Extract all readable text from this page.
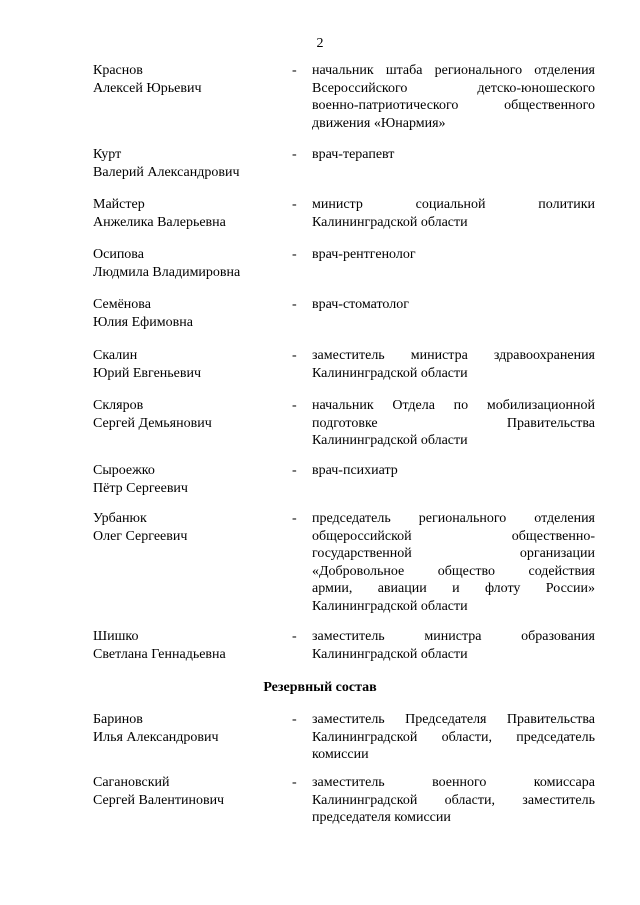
2
Краснов
Алексей Юрьевич
- начальник штаба регионального отделения
Всероссийского детско-юношеского
военно-патриотического общественного
движения «Юнармия»
Курт
Валерий Александрович
- врач-терапевт
Майстер
Анжелика Валерьевна
- министр социальной политики
Калининградской области
Осипова
Людмила Владимировна
- врач-рентгенолог
Семёнова
Юлия Ефимовна
- врач-стоматолог
Скалин
Юрий Евгеньевич
- заместитель министра здравоохранения
Калининградской области
Скляров
Сергей Демьянович
- начальник Отдела по мобилизационной
подготовке Правительства
Калининградской области
Сыроежко
Пётр Сергеевич
- врач-психиатр
Урбанюк
Олег Сергеевич
- председатель регионального отделения
общероссийской общественно-
государственной организации
«Добровольное общество содействия
армии, авиации и флоту России»
Калининградской области
Шишко
Светлана Геннадьевна
- заместитель министра образования
Калининградской области
Резервный состав
Баринов
Илья Александрович
- заместитель Председателя Правительства
Калининградской области, председатель
комиссии
Сагановский
Сергей Валентинович
- заместитель военного комиссара
Калининградской области, заместитель
председателя комиссии
